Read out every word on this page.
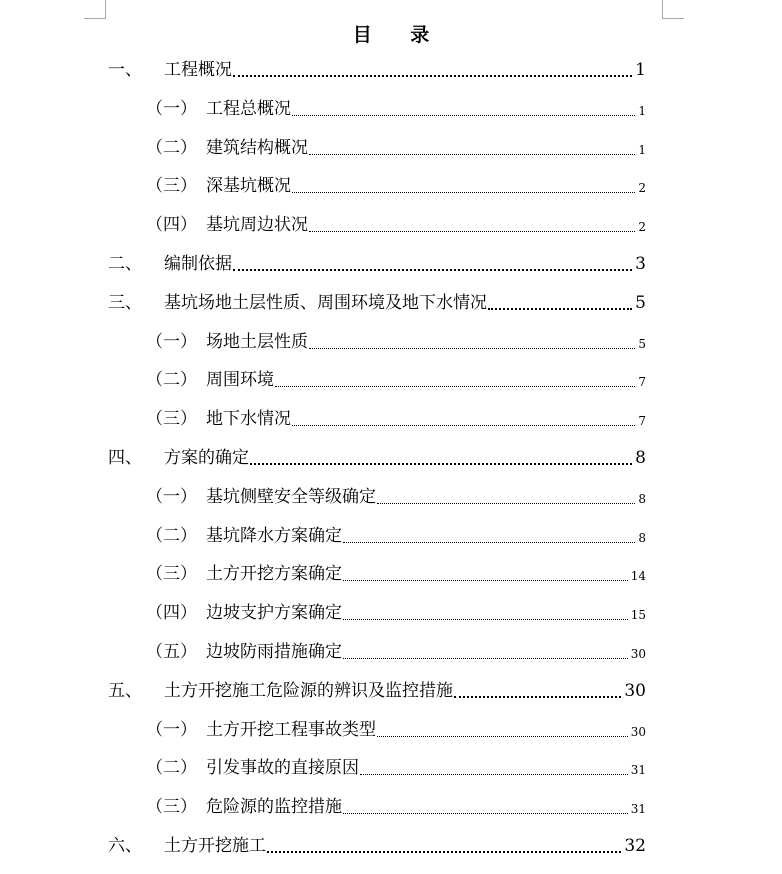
目 录
一、 工程概况	1
（一） 工程总概况	1
（二） 建筑结构概况	1
（三） 深基坑概况	2
（四） 基坑周边状况	2
二、 编制依据	3
三、 基坑场地土层性质、周围环境及地下水情况	5
（一） 场地土层性质	5
（二） 周围环境	7
（三） 地下水情况	7
四、 方案的确定	8
（一） 基坑侧壁安全等级确定	8
（二） 基坑降水方案确定	8
（三） 土方开挖方案确定	14
（四） 边坡支护方案确定	15
（五） 边坡防雨措施确定	30
五、 土方开挖施工危险源的辨识及监控措施	30
（一） 土方开挖工程事故类型	30
（二） 引发事故的直接原因	31
（三） 危险源的监控措施	31
六、 土方开挖施工	32
